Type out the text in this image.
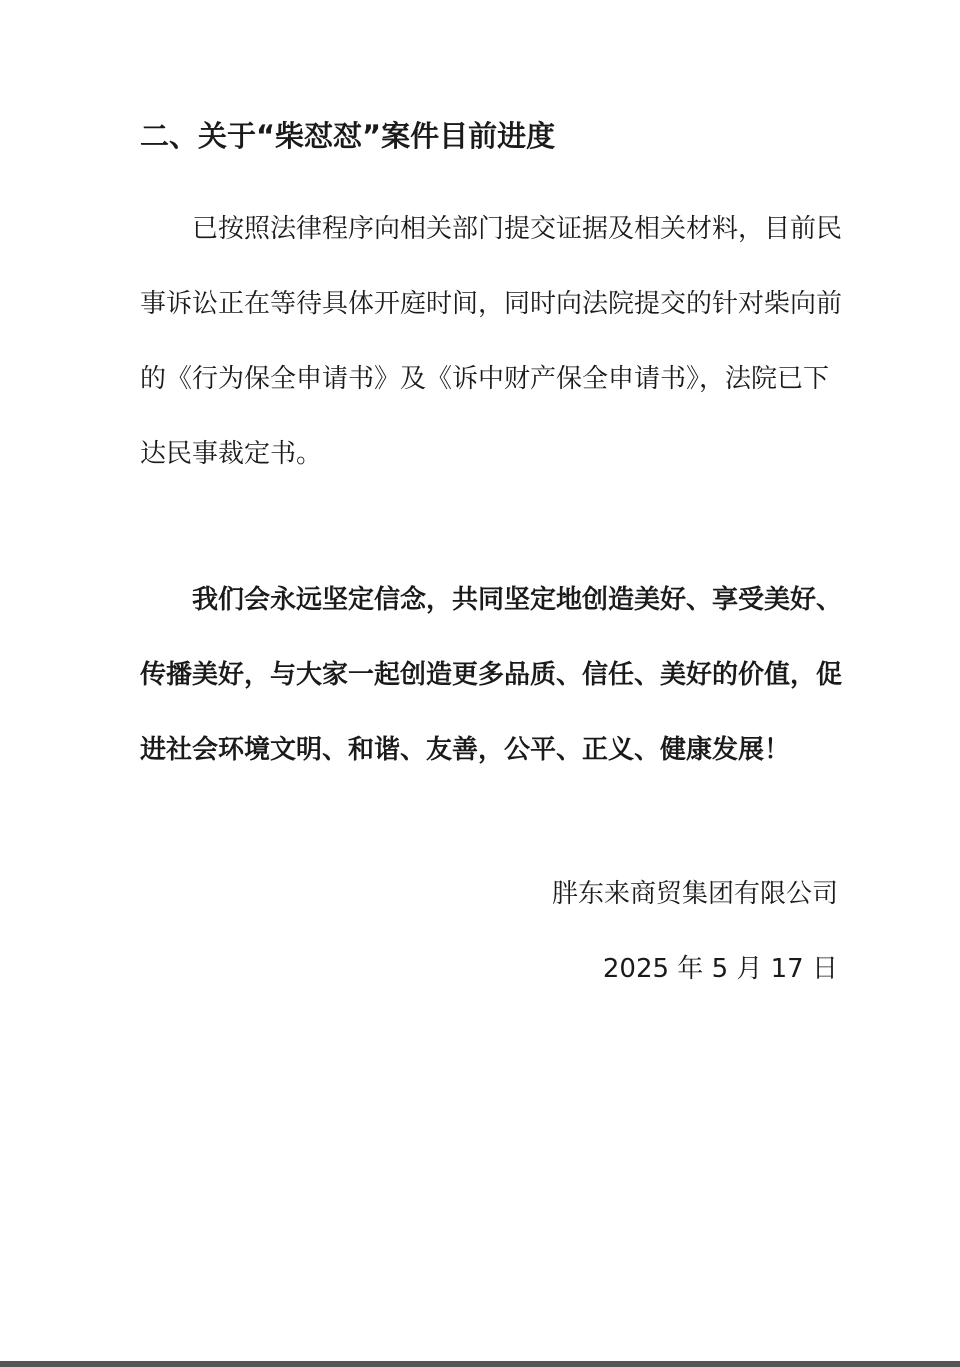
二、关于“柴怼怼”案件目前进度
已按照法律程序向相关部门提交证据及相关材料，目前民
事诉讼正在等待具体开庭时间，同时向法院提交的针对柴向前
的《行为保全申请书》及《诉中财产保全申请书》，法院已下
达民事裁定书。
我们会永远坚定信念，共同坚定地创造美好、享受美好、
传播美好，与大家一起创造更多品质、信任、美好的价值，促
进社会环境文明、和谐、友善，公平、正义、健康发展！
胖东来商贸集团有限公司
2025 年 5 月 17 日
